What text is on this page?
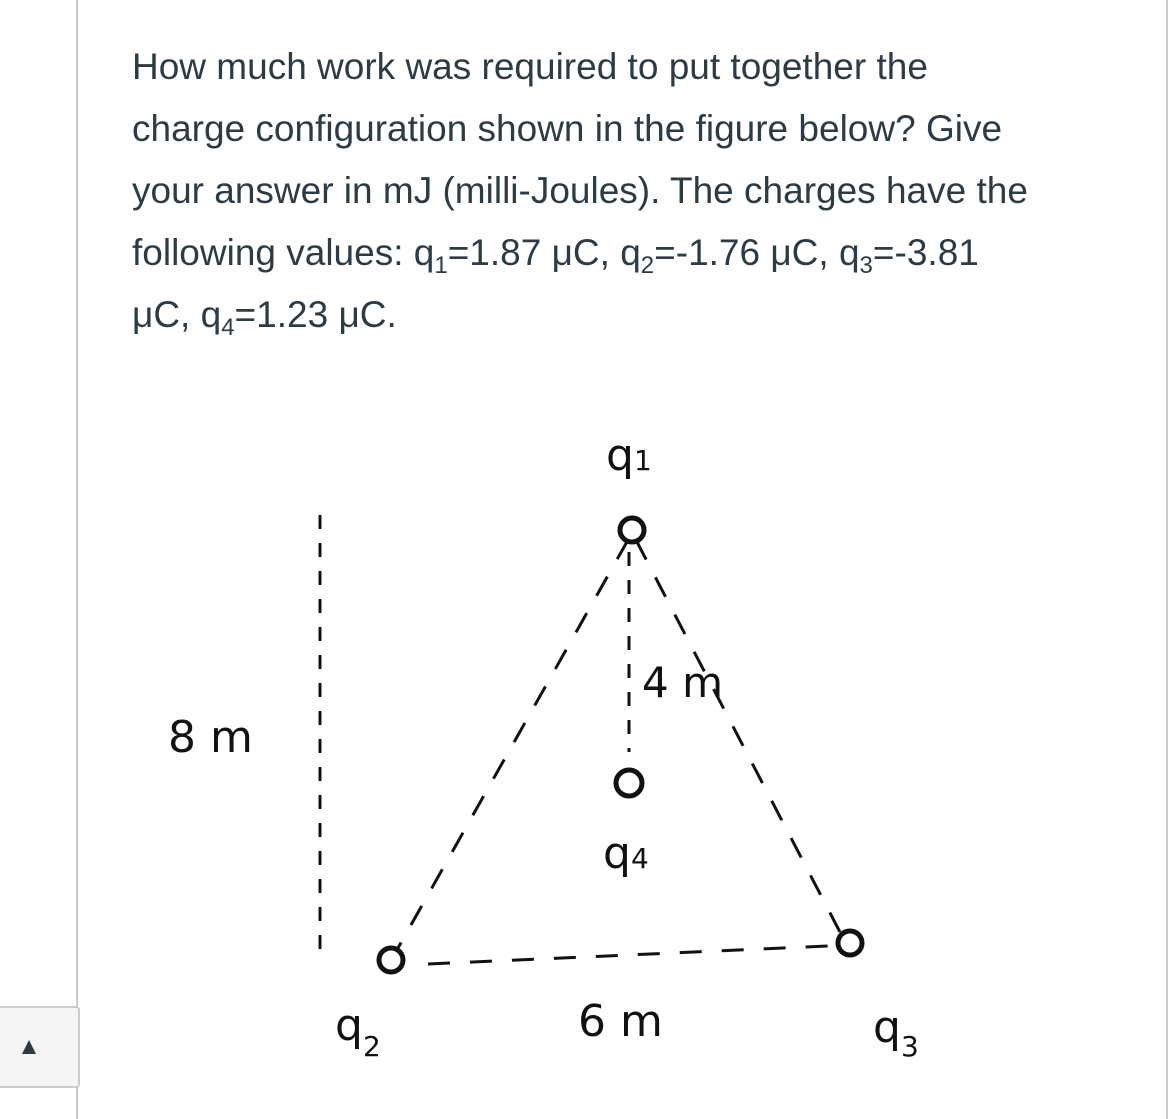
How much work was required to put together the
charge configuration shown in the figure below? Give
your answer in mJ (milli-Joules). The charges have the
following values: $q_1=1.87$ μC, $q_2=-1.76$ μC, $q_3=-3.81$
μC, $q_4=1.23$ μC.

q1
q4
$q_2$	$q_3$
8 m
4 m
6 m
